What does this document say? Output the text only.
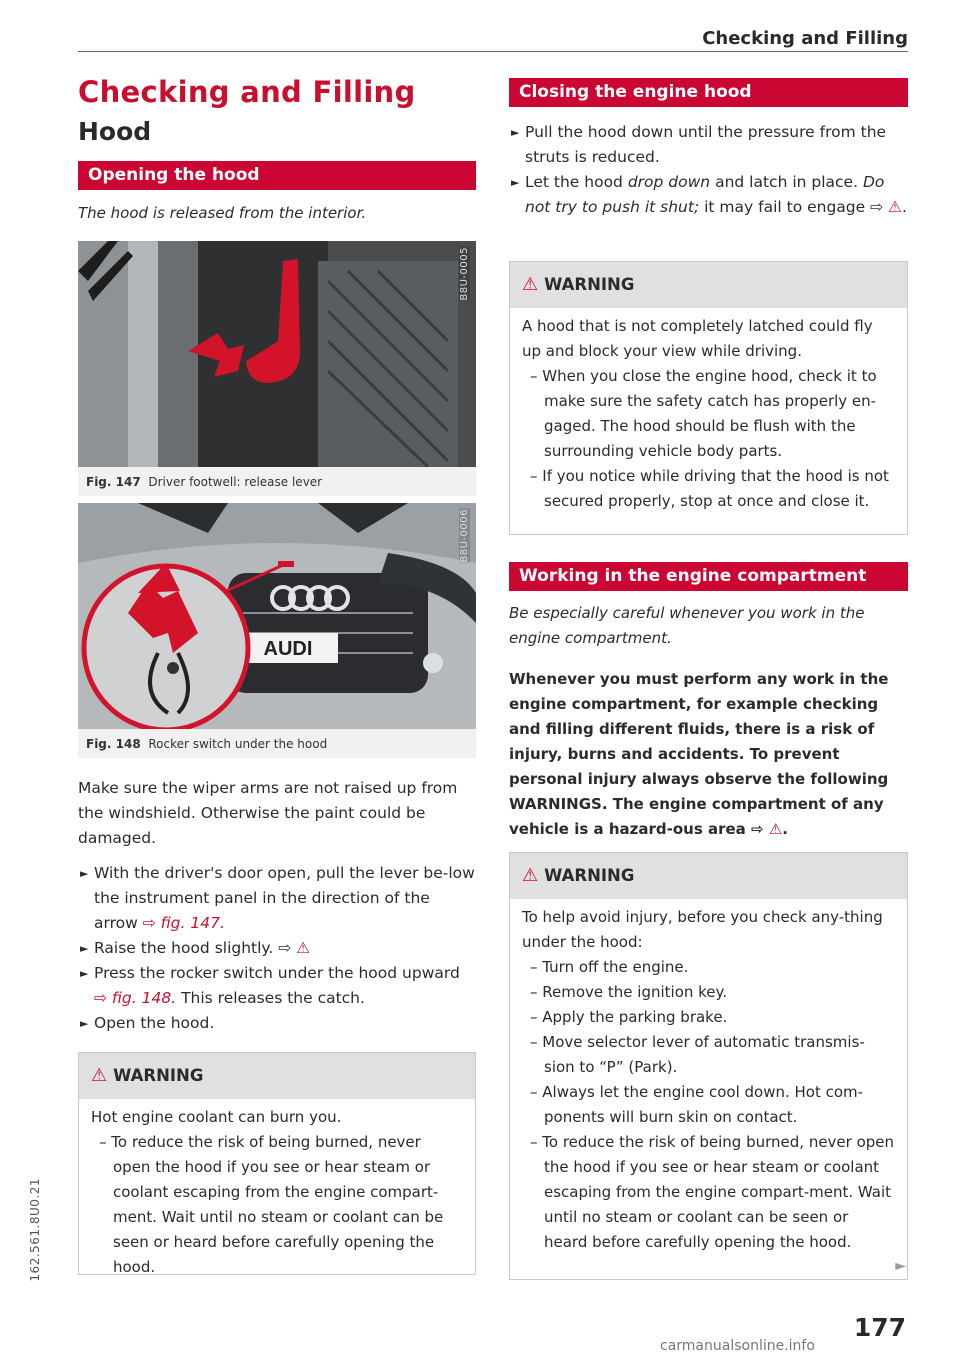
Checking and Filling
Checking and Filling
Hood
Opening the hood
The hood is released from the interior.
B8U-0005
Fig. 147 Driver footwell: release lever
AUDI
B8U-0006
Fig. 148 Rocker switch under the hood
Make sure the wiper arms are not raised up from the windshield. Otherwise the paint could be damaged.
► With the driver's door open, pull the lever be-low the instrument panel in the direction of the arrow ⇨ fig. 147.
► Raise the hood slightly. ⇨ ⚠
► Press the rocker switch under the hood upward ⇨ fig. 148. This releases the catch.
► Open the hood.
⚠ WARNING
Hot engine coolant can burn you.
– To reduce the risk of being burned, never open the hood if you see or hear steam or coolant escaping from the engine compart-ment. Wait until no steam or coolant can be seen or heard before carefully opening the hood.
Closing the engine hood
► Pull the hood down until the pressure from the struts is reduced.
► Let the hood drop down and latch in place. Do not try to push it shut; it may fail to engage ⇨ ⚠.
⚠ WARNING
A hood that is not completely latched could fly up and block your view while driving.
– When you close the engine hood, check it to make sure the safety catch has properly en-gaged. The hood should be flush with the surrounding vehicle body parts.
– If you notice while driving that the hood is not secured properly, stop at once and close it.
Working in the engine compartment
Be especially careful whenever you work in the engine compartment.
Whenever you must perform any work in the engine compartment, for example checking and filling different fluids, there is a risk of injury, burns and accidents. To prevent personal injury always observe the following WARNINGS. The engine compartment of any vehicle is a hazard-ous area ⇨ ⚠.
⚠ WARNING
To help avoid injury, before you check any-thing under the hood:
– Turn off the engine.
– Remove the ignition key.
– Apply the parking brake.
– Move selector lever of automatic transmis-sion to “P” (Park).
– Always let the engine cool down. Hot com-ponents will burn skin on contact.
– To reduce the risk of being burned, never open the hood if you see or hear steam or coolant escaping from the engine compart-ment. Wait until no steam or coolant can be seen or heard before carefully opening the hood.
►
177
162.561.8U0.21
carmanualsonline.info
